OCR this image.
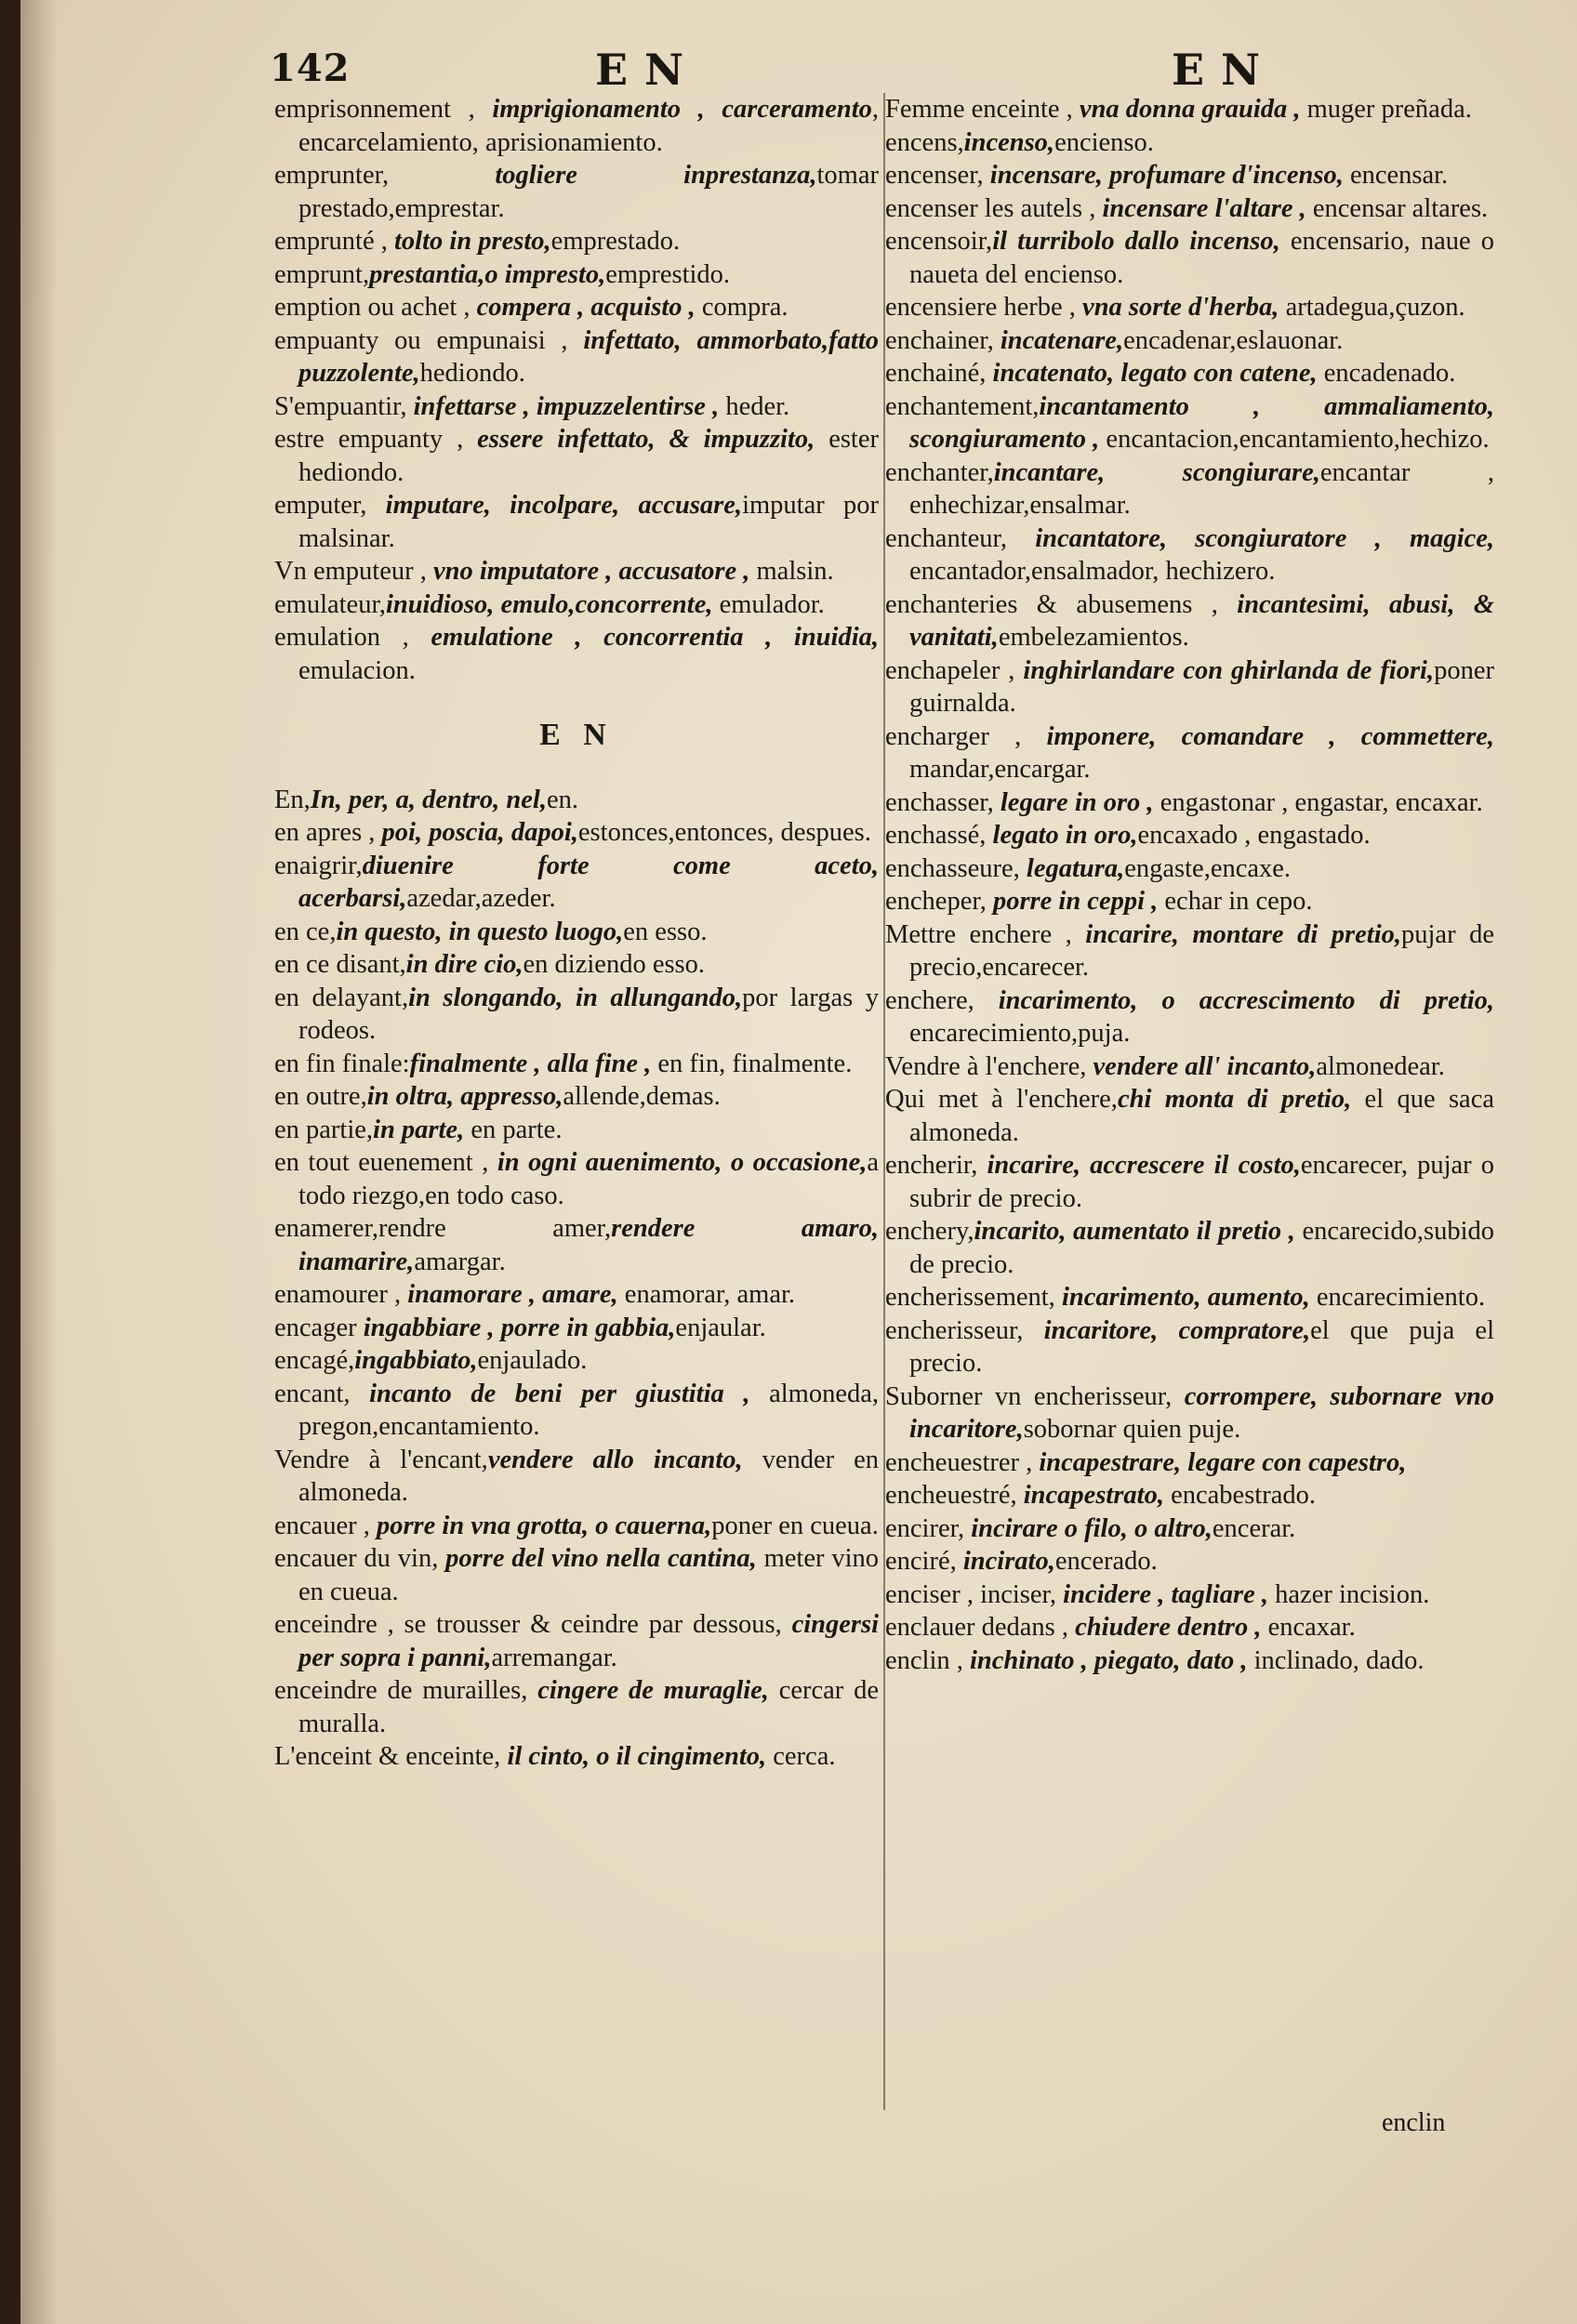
142	EN	EN
emprisonnement , imprigionamento , carceramento, encarcelamiento, aprisionamiento.
emprunter, togliere inprestanza,tomar prestado,emprestar.
emprunté , tolto in presto,emprestado.
emprunt,prestantia,o impresto,emprestido.
emption ou achet , compera , acquisto , compra.
empuanty ou empunaisi , infettato, ammorbato,fatto puzzolente,hediondo.
S'empuantir, infettarse , impuzzelentirse , heder.
estre empuanty , essere infettato, & impuzzito, ester hediondo.
emputer, imputare, incolpare, accusare,imputar por malsinar.
Vn emputeur , vno imputatore , accusatore , malsin.
emulateur,inuidioso, emulo,concorrente, emulador.
emulation , emulatione , concorrentia , inuidia, emulacion.
E N
En,In, per, a, dentro, nel,en.
en apres , poi, poscia, dapoi,estonces,entonces, despues.
enaigrir,diuenire forte come aceto, acerbarsi,azedar,azeder.
en ce,in questo, in questo luogo,en esso.
en ce disant,in dire cio,en diziendo esso.
en delayant,in slongando, in allungando,por largas y rodeos.
en fin finale:finalmente , alla fine , en fin, finalmente.
en outre,in oltra, appresso,allende,demas.
en partie,in parte, en parte.
en tout euenement , in ogni auenimento, o occasione,a todo riezgo,en todo caso.
enamerer,rendre amer,rendere amaro, inamarire,amargar.
enamourer , inamorare , amare, enamorar, amar.
encager ingabbiare , porre in gabbia,enjaular.
encagé,ingabbiato,enjaulado.
encant, incanto de beni per giustitia , almoneda, pregon,encantamiento.
Vendre à l'encant,vendere allo incanto, vender en almoneda.
encauer , porre in vna grotta, o cauerna,poner en cueua.
encauer du vin, porre del vino nella cantina, meter vino en cueua.
enceindre , se trousser & ceindre par dessous, cingersi per sopra i panni,arremangar.
enceindre de murailles, cingere de muraglie, cercar de muralla.
L'enceint & enceinte, il cinto, o il cingimento, cerca.
Femme enceinte , vna donna grauida , muger preñada.
encens,incenso,enciensо.
encenser, incensare, profumare d'incenso, encensar.
encenser les autels , incensare l'altare , encensar altares.
encensoir,il turribolo dallo incenso, encensario, naue o naueta del enciensо.
encensiere herbe , vna sorte d'herba, artadegua,çuzon.
enchainer, incatenare,encadenar,eslauonar.
enchainé, incatenato, legato con catene, encadenado.
enchantement,incantamento , ammaliamento, scongiuramento , encantacion,encantamiento,hechizo.
enchanter,incantare, scongiurare,encantar , enhechizar,ensalmar.
enchanteur, incantatore, scongiuratore , magice, encantador,ensalmador, hechizero.
enchanteries & abusemens , incantesimi, abusi, & vanitati,embelezamientos.
enchapeler , inghirlandare con ghirlanda de fiori,poner guirnalda.
encharger , imponere, comandare , commettere, mandar,encargar.
enchasser, legare in oro , engastonar , engastar, encaxar.
enchassé, legato in oro,encaxado , engastado.
enchasseure, legatura,engaste,encaxe.
encheper, porre in ceppi , echar in cepo.
Mettre enchere , incarire, montare di pretio,pujar de precio,encarecer.
enchere, incarimento, o accrescimento di pretio, encarecimiento,puja.
Vendre à l'enchere, vendere all' incanto,almonedear.
Qui met à l'enchere,chi monta di pretio, el que saca almoneda.
encherir, incarire, accrescere il costo,encarecer, pujar o subrir de precio.
enchery,incarito, aumentato il pretio , encarecido,subido de precio.
encherissement, incarimento, aumento, encarecimiento.
encherisseur, incaritore, compratore,el que puja el precio.
Suborner vn encherisseur, corrompere, subornare vno incaritore,sobornar quien puje.
encheuestrer , incapestrare, legare con capestro,
encheuestré, incapestrato, encabestrado.
encirer, incirare o filo, o altro,encerar.
enciré, incirato,encerado.
enciser , inciser, incidere , tagliare , hazer incision.
enclauer dedans , chiudere dentro , encaxar.
enclin , inchinato , piegato, dato , inclinado, dado.
enclin
